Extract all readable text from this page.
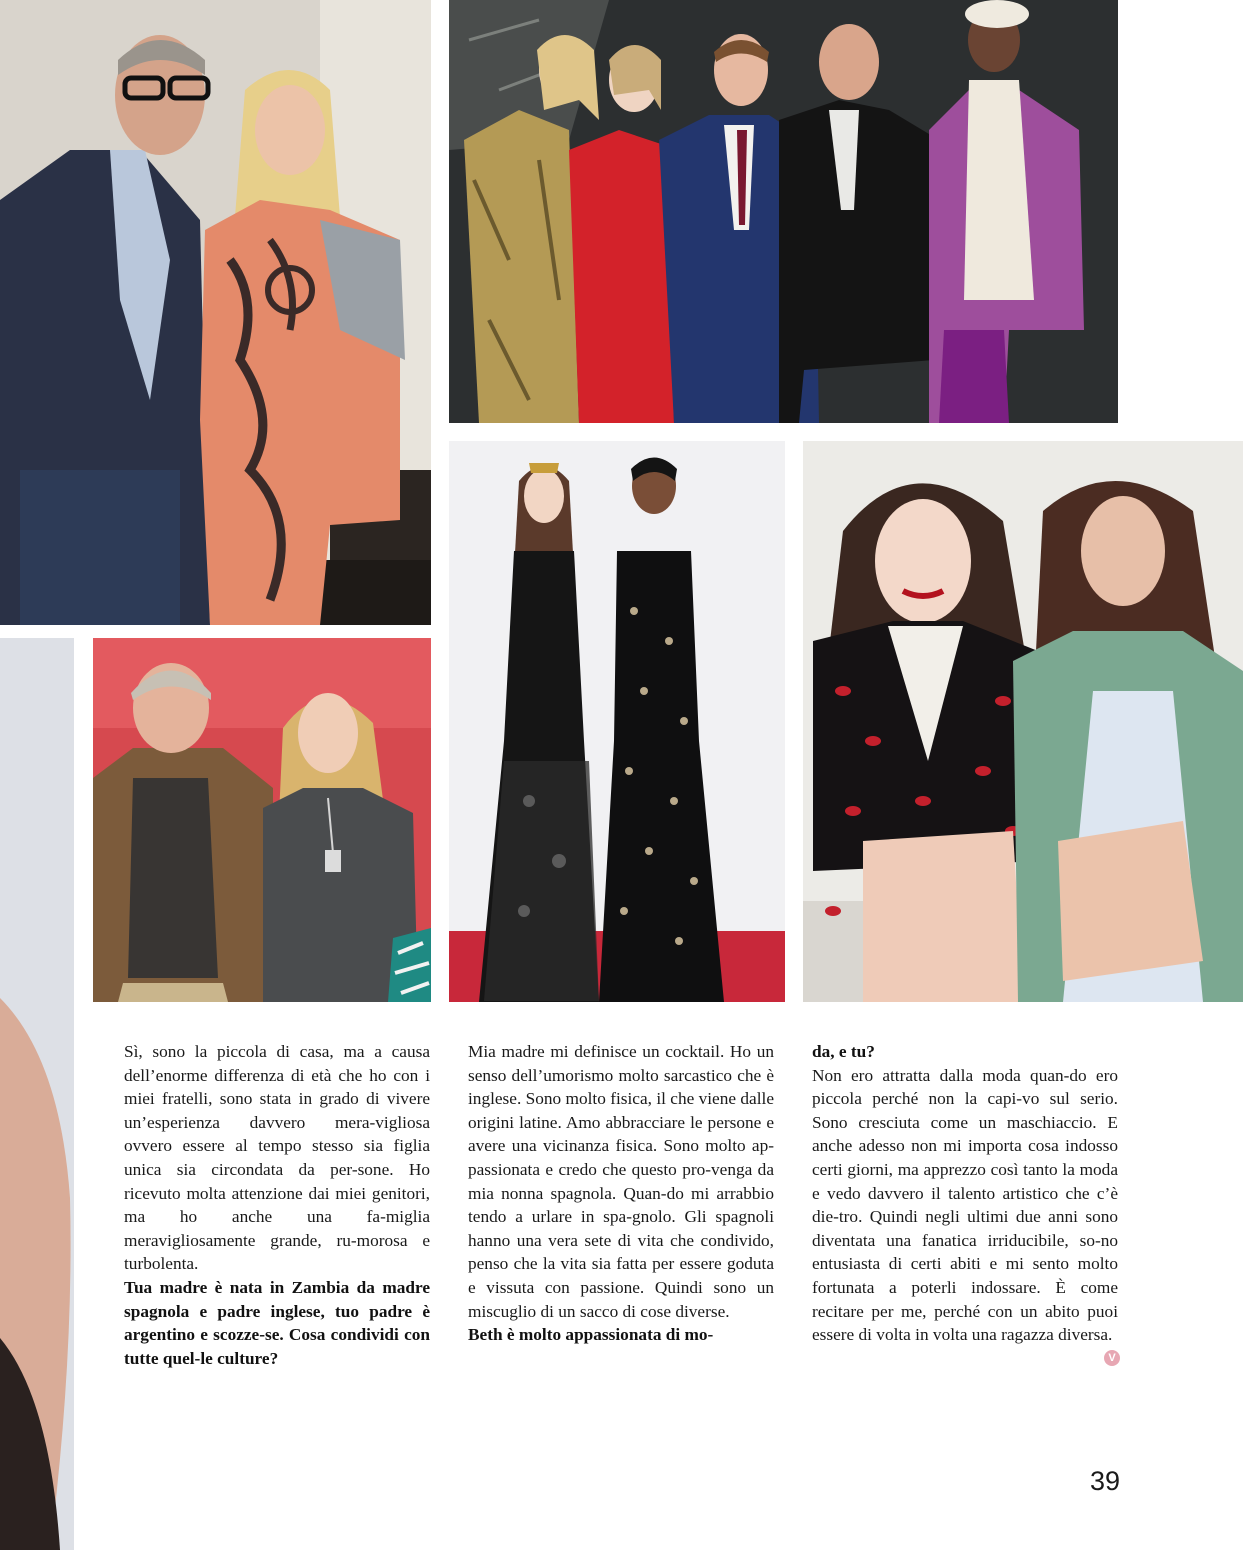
Sì, sono la piccola di casa, ma a causa dell’enorme differenza di età che ho con i miei fratelli, sono stata in grado di vivere un’esperienza davvero mera-vigliosa ovvero essere al tempo stesso sia figlia unica sia circondata da per-sone. Ho ricevuto molta attenzione dai miei genitori, ma ho anche una fa-miglia meravigliosamente grande, ru-morosa e turbolenta.

Tua madre è nata in Zambia da madre spagnola e padre inglese, tuo padre è argentino e scozze-se. Cosa condividi con tutte quel-le culture?

Mia madre mi definisce un cocktail. Ho un senso dell’umorismo molto sarcastico che è inglese. Sono molto fisica, il che viene dalle origini latine. Amo abbracciare le persone e avere una vicinanza fisica. Sono molto ap-passionata e credo che questo pro-venga da mia nonna spagnola. Quan-do mi arrabbio tendo a urlare in spa-gnolo. Gli spagnoli hanno una vera sete di vita che condivido, penso che la vita sia fatta per essere goduta e vissuta con passione. Quindi sono un miscuglio di un sacco di cose diverse.

Beth è molto appassionata di mo-

da, e tu?

Non ero attratta dalla moda quan-do ero piccola perché non la capi-vo sul serio. Sono cresciuta come un maschiaccio. E anche adesso non mi importa cosa indosso certi giorni, ma apprezzo così tanto la moda e vedo davvero il talento artistico che c’è die-tro. Quindi negli ultimi due anni sono diventata una fanatica irriducibile, so-no entusiasta di certi abiti e mi sento molto fortunata a poterli indossare. È come recitare per me, perché con un abito puoi essere di volta in volta una ragazza diversa.
V

39
